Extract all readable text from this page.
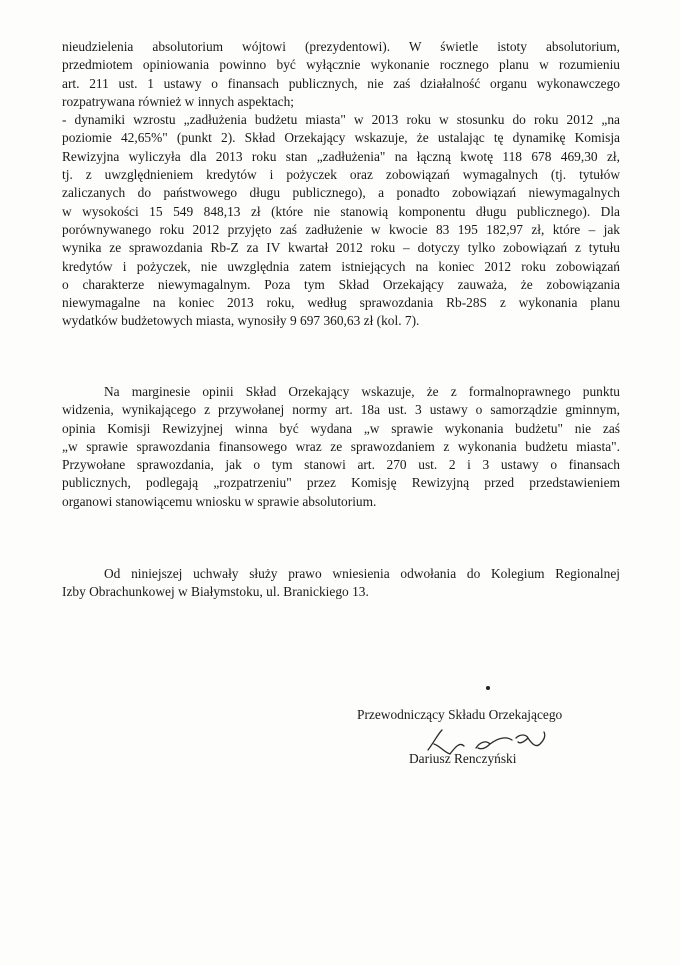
nieudzielenia absolutorium wójtowi (prezydentowi). W świetle istoty absolutorium,
przedmiotem opiniowania powinno być wyłącznie wykonanie rocznego planu w rozumieniu
art. 211 ust. 1 ustawy o finansach publicznych, nie zaś działalność organu wykonawczego
rozpatrywana również w innych aspektach;
- dynamiki wzrostu „zadłużenia budżetu miasta" w 2013 roku w stosunku do roku 2012 „na
poziomie 42,65%" (punkt 2). Skład Orzekający wskazuje, że ustalając tę dynamikę Komisja
Rewizyjna wyliczyła dla 2013 roku stan „zadłużenia" na łączną kwotę 118 678 469,30 zł,
tj. z uwzględnieniem kredytów i pożyczek oraz zobowiązań wymagalnych (tj. tytułów
zaliczanych do państwowego długu publicznego), a ponadto zobowiązań niewymagalnych
w wysokości 15 549 848,13 zł (które nie stanowią komponentu długu publicznego). Dla
porównywanego roku 2012 przyjęto zaś zadłużenie w kwocie 83 195 182,97 zł, które – jak
wynika ze sprawozdania Rb-Z za IV kwartał 2012 roku – dotyczy tylko zobowiązań z tytułu
kredytów i pożyczek, nie uwzględnia zatem istniejących na koniec 2012 roku zobowiązań
o charakterze niewymagalnym. Poza tym Skład Orzekający zauważa, że zobowiązania
niewymagalne na koniec 2013 roku, według sprawozdania Rb-28S z wykonania planu
wydatków budżetowych miasta, wynosiły 9 697 360,63 zł (kol. 7).
Na marginesie opinii Skład Orzekający wskazuje, że z formalnoprawnego punktu
widzenia, wynikającego z przywołanej normy art. 18a ust. 3 ustawy o samorządzie gminnym,
opinia Komisji Rewizyjnej winna być wydana „w sprawie wykonania budżetu" nie zaś
„w sprawie sprawozdania finansowego wraz ze sprawozdaniem z wykonania budżetu miasta".
Przywołane sprawozdania, jak o tym stanowi art. 270 ust. 2 i 3 ustawy o finansach
publicznych, podlegają „rozpatrzeniu" przez Komisję Rewizyjną przed przedstawieniem
organowi stanowiącemu wniosku w sprawie absolutorium.
Od niniejszej uchwały służy prawo wniesienia odwołania do Kolegium Regionalnej
Izby Obrachunkowej w Białymstoku, ul. Branickiego 13.
Przewodniczący Składu Orzekającego
Dariusz Renczyński
